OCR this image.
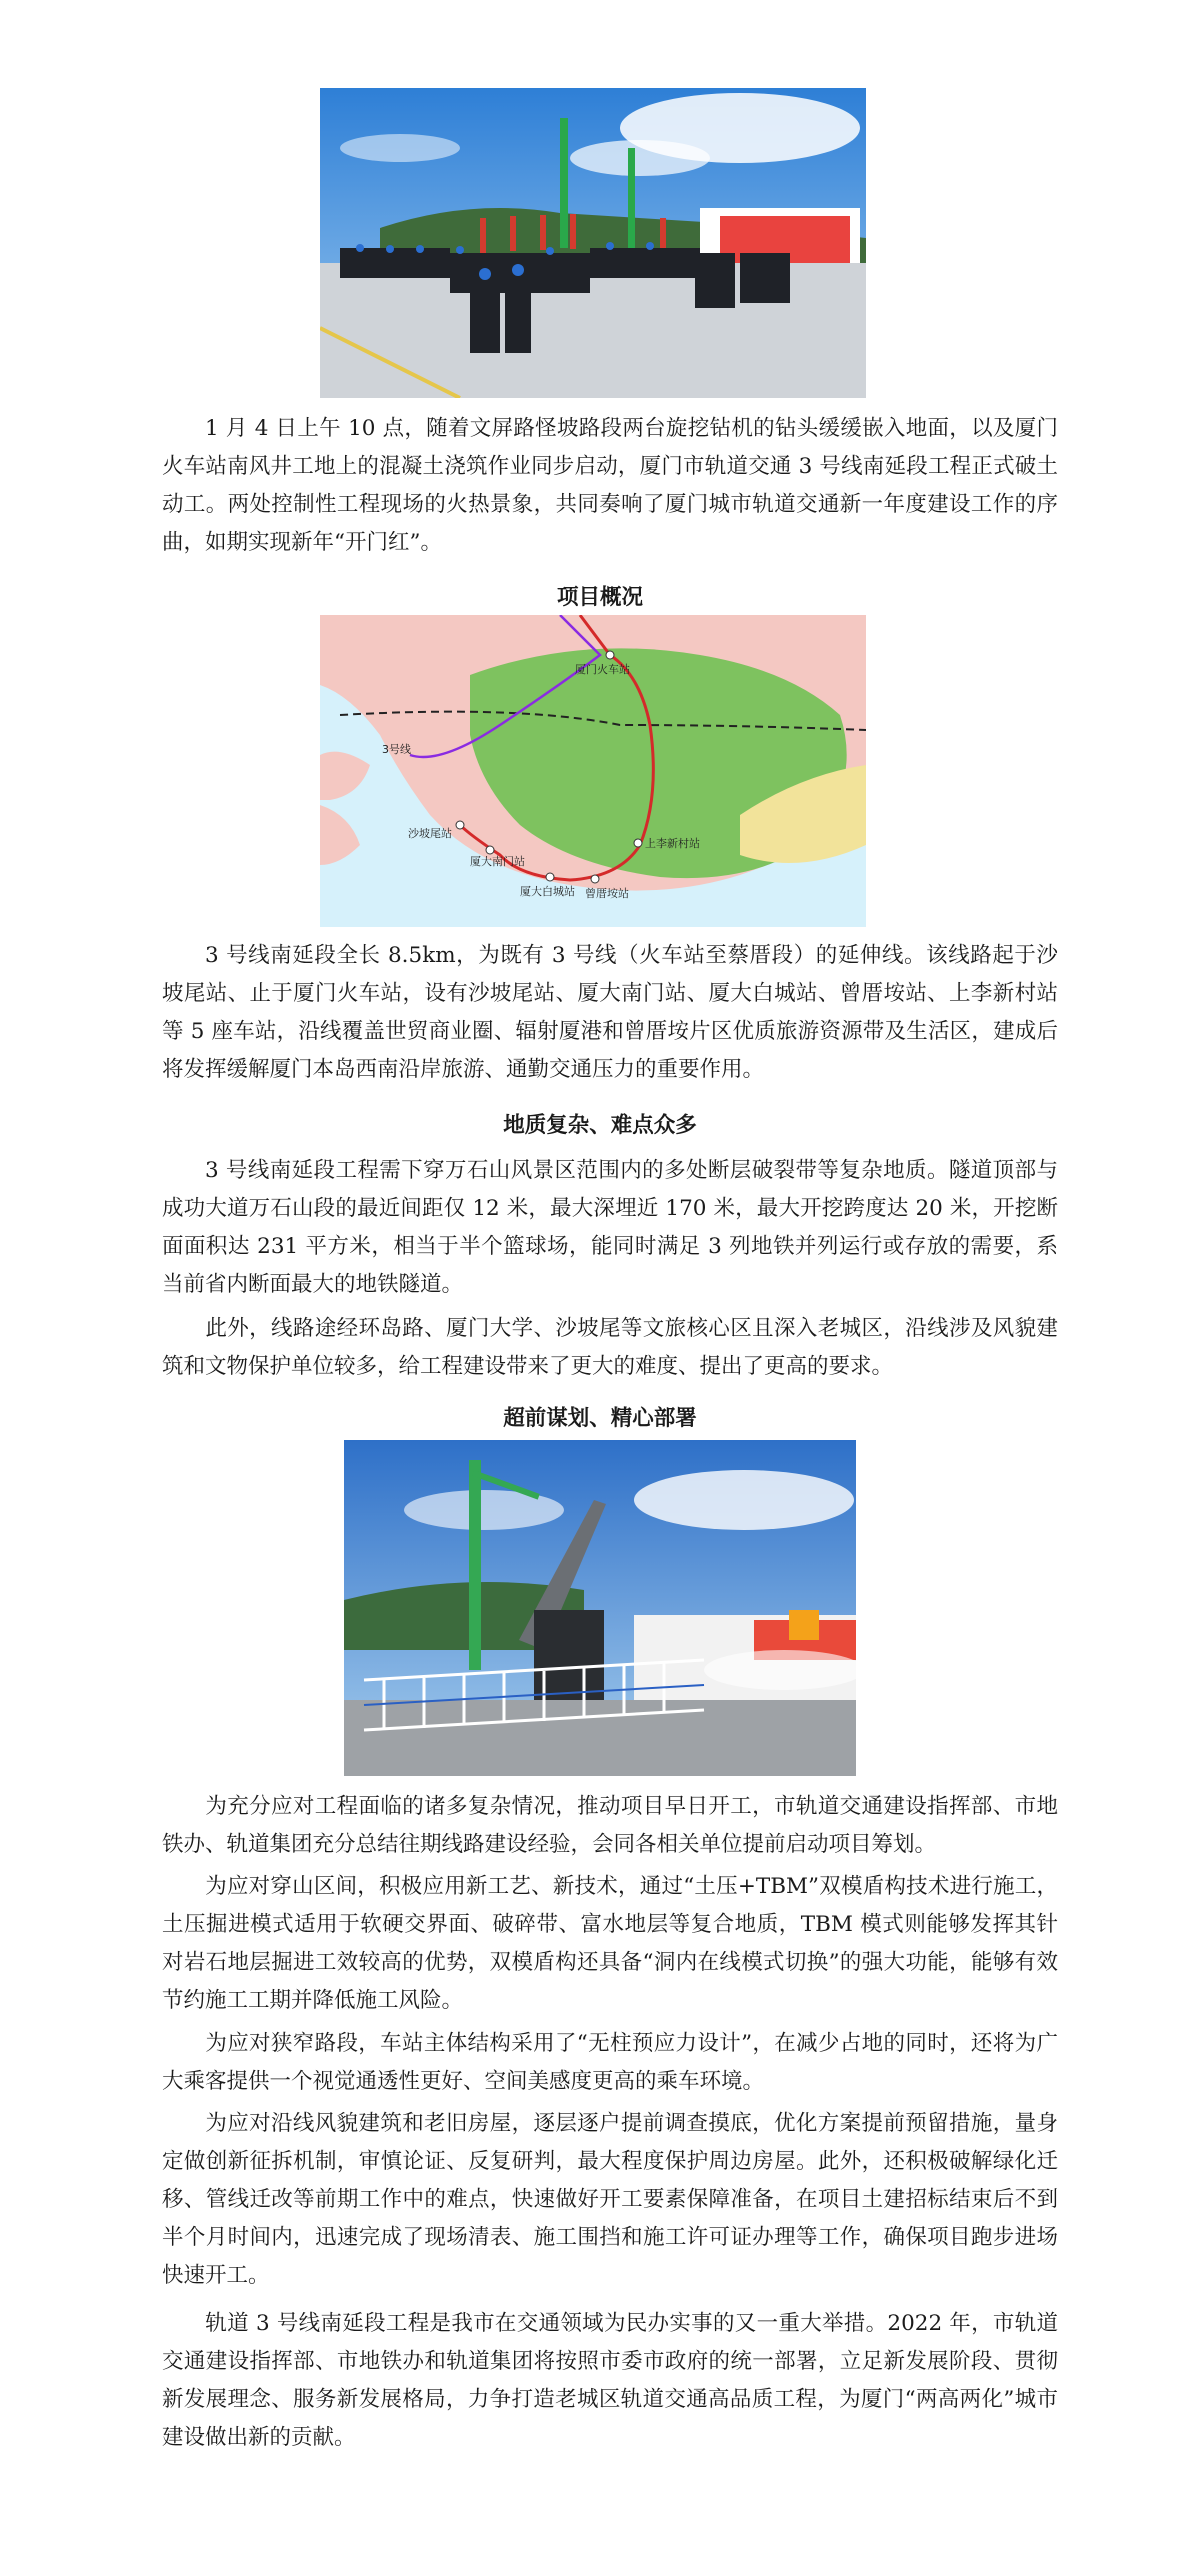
1 月 4 日上午 10 点，随着文屏路怪坡路段两台旋挖钻机的钻头缓缓嵌入地面，以及厦门火车站南风井工地上的混凝土浇筑作业同步启动，厦门市轨道交通 3 号线南延段工程正式破土动工。两处控制性工程现场的火热景象，共同奏响了厦门城市轨道交通新一年度建设工作的序曲，如期实现新年“开门红”。
项目概况
厦门火车站
沙坡尾站
厦大南门站
厦大白城站 曾厝垵站
上李新村站
3号线
3 号线南延段全长 8.5km，为既有 3 号线（火车站至蔡厝段）的延伸线。该线路起于沙坡尾站、止于厦门火车站，设有沙坡尾站、厦大南门站、厦大白城站、曾厝垵站、上李新村站等 5 座车站，沿线覆盖世贸商业圈、辐射厦港和曾厝垵片区优质旅游资源带及生活区，建成后将发挥缓解厦门本岛西南沿岸旅游、通勤交通压力的重要作用。
地质复杂、难点众多
3 号线南延段工程需下穿万石山风景区范围内的多处断层破裂带等复杂地质。隧道顶部与成功大道万石山段的最近间距仅 12 米，最大深埋近 170 米，最大开挖跨度达 20 米，开挖断面面积达 231 平方米，相当于半个篮球场，能同时满足 3 列地铁并列运行或存放的需要，系当前省内断面最大的地铁隧道。
此外，线路途经环岛路、厦门大学、沙坡尾等文旅核心区且深入老城区，沿线涉及风貌建筑和文物保护单位较多，给工程建设带来了更大的难度、提出了更高的要求。
超前谋划、精心部署
为充分应对工程面临的诸多复杂情况，推动项目早日开工，市轨道交通建设指挥部、市地铁办、轨道集团充分总结往期线路建设经验，会同各相关单位提前启动项目筹划。
为应对穿山区间，积极应用新工艺、新技术，通过“土压+TBM”双模盾构技术进行施工，土压掘进模式适用于软硬交界面、破碎带、富水地层等复合地质，TBM 模式则能够发挥其针对岩石地层掘进工效较高的优势，双模盾构还具备“洞内在线模式切换”的强大功能，能够有效节约施工工期并降低施工风险。
为应对狭窄路段，车站主体结构采用了“无柱预应力设计”，在减少占地的同时，还将为广大乘客提供一个视觉通透性更好、空间美感度更高的乘车环境。
为应对沿线风貌建筑和老旧房屋，逐层逐户提前调查摸底，优化方案提前预留措施，量身定做创新征拆机制，审慎论证、反复研判，最大程度保护周边房屋。此外，还积极破解绿化迁移、管线迁改等前期工作中的难点，快速做好开工要素保障准备，在项目土建招标结束后不到半个月时间内，迅速完成了现场清表、施工围挡和施工许可证办理等工作，确保项目跑步进场快速开工。
轨道 3 号线南延段工程是我市在交通领域为民办实事的又一重大举措。2022 年，市轨道交通建设指挥部、市地铁办和轨道集团将按照市委市政府的统一部署，立足新发展阶段、贯彻新发展理念、服务新发展格局，力争打造老城区轨道交通高品质工程，为厦门“两高两化”城市建设做出新的贡献。
